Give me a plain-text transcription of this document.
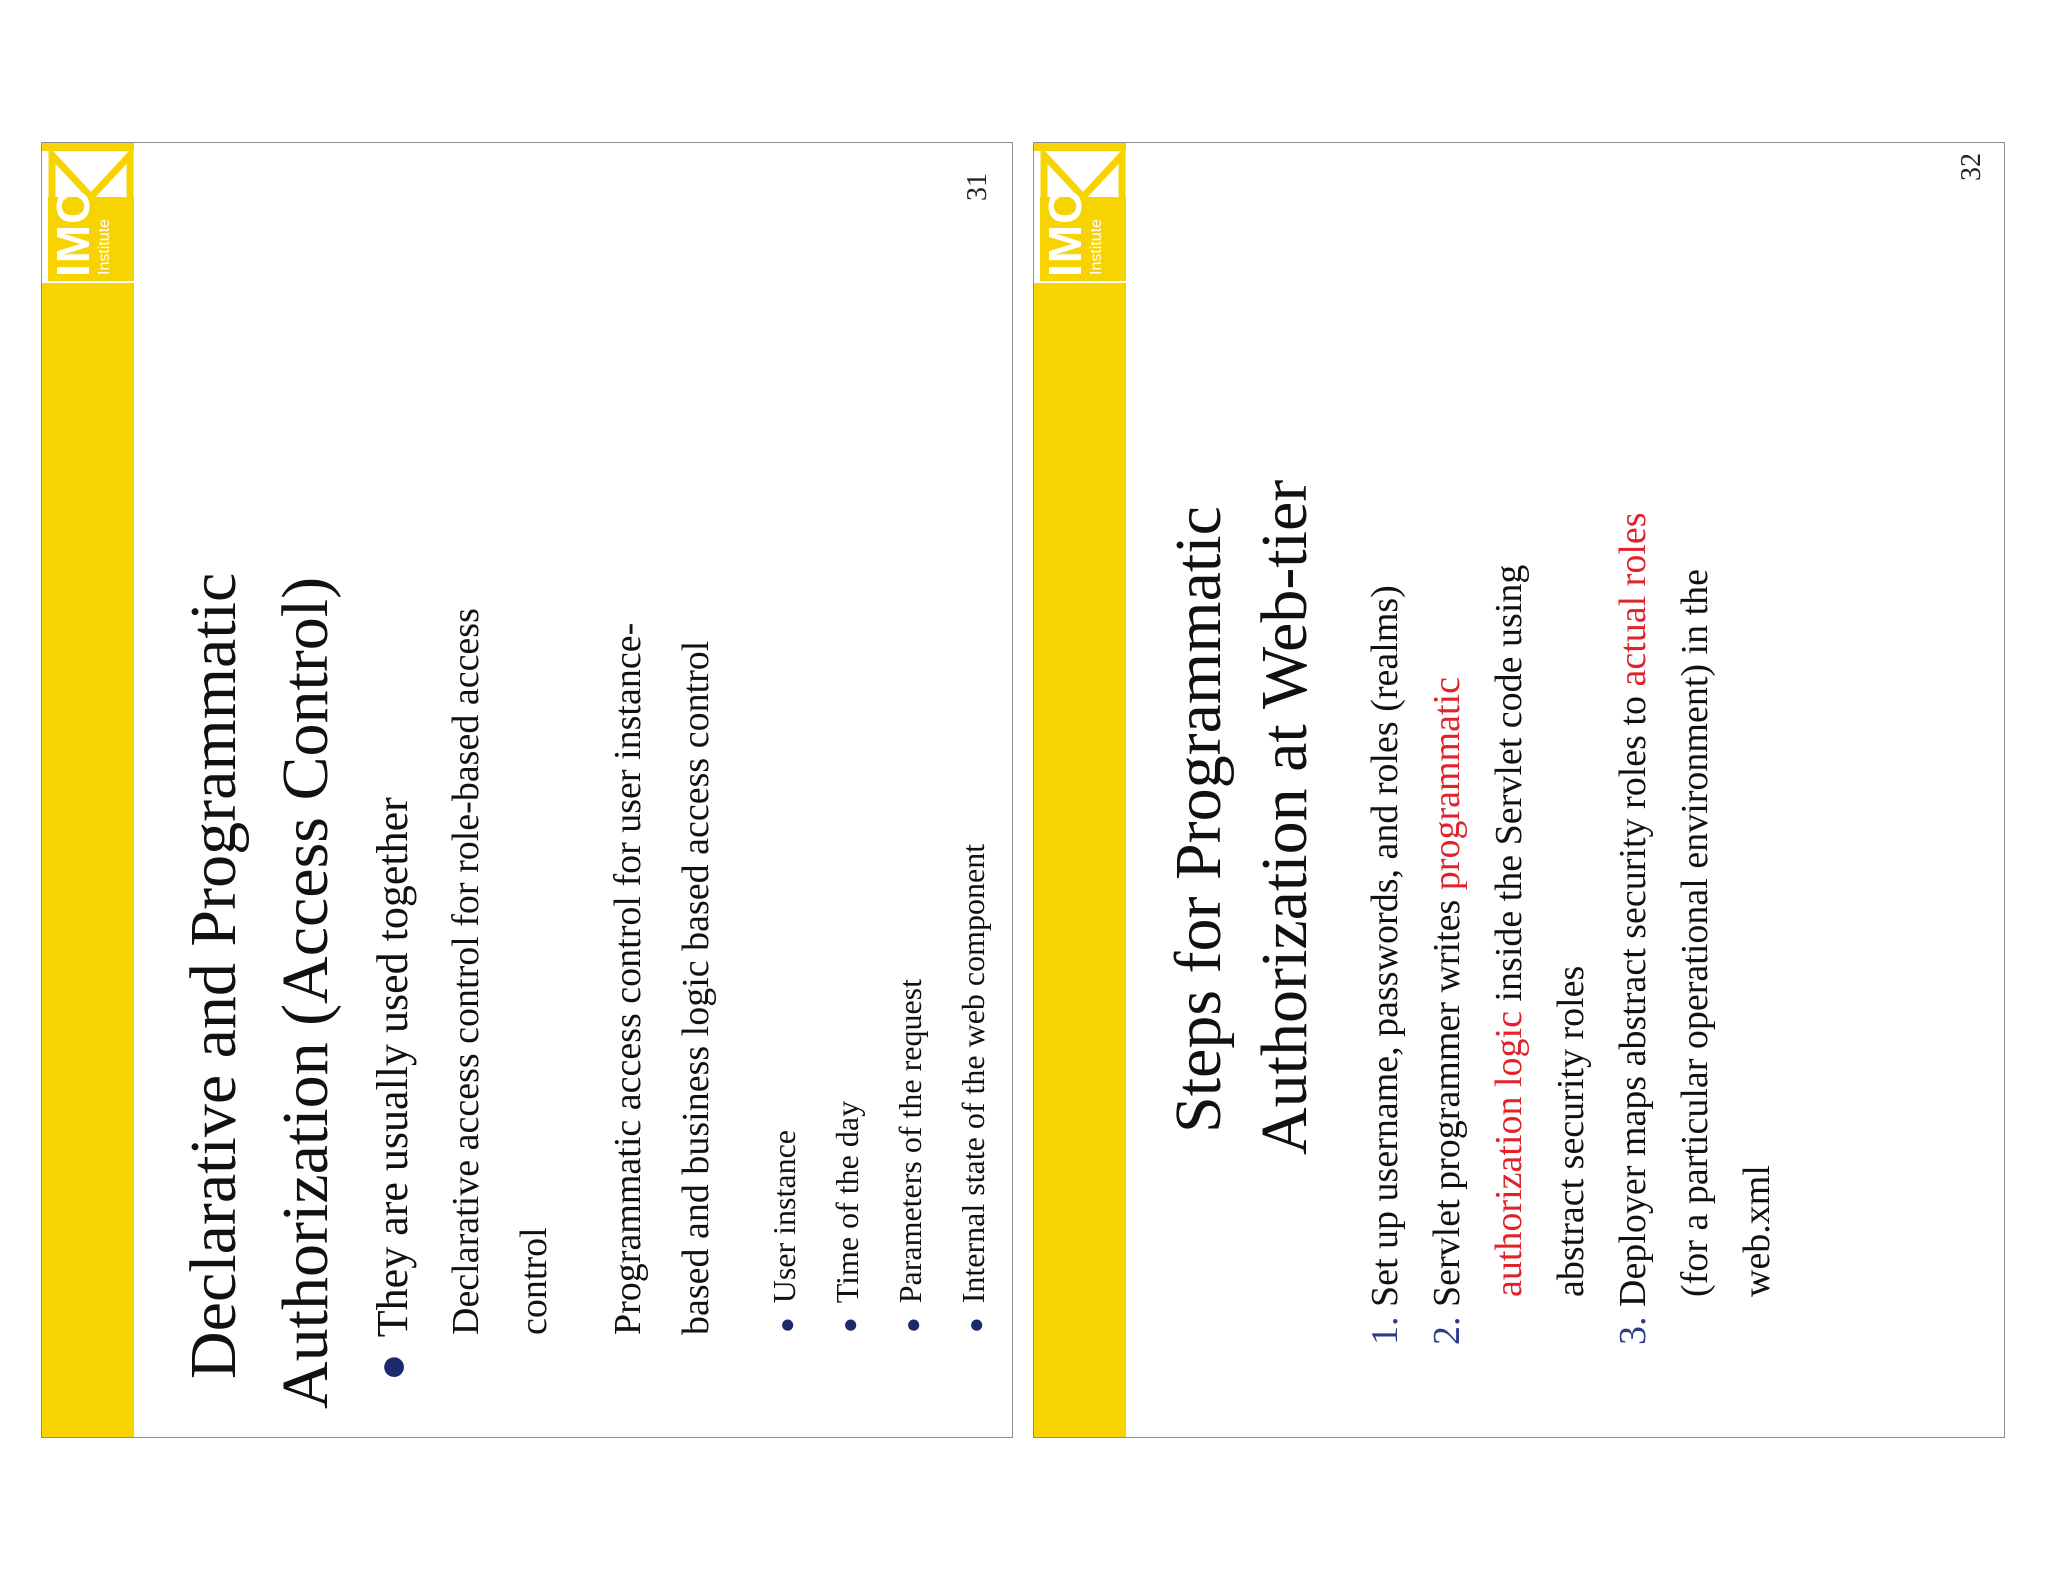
IMC
Institute
Declarative and Programmatic Authorization (Access Control) ●They are usually used together Declarative access control for role-based access control	Programmatic access control for user instance- based and business logic based access control	●User instance
●Time of the day
●Parameters of the request
●Internal state of the web component
31
IMC
Institute
Steps for Programmatic Authorization at Web-tier
1. Set up username, passwords, and roles (realms)
2. Servlet programmer writes programmatic
authorization logic inside the Servlet code using
abstract security roles
3. Deployer maps abstract security roles to actual roles (for a particular operational environment) in the web.xml
32
